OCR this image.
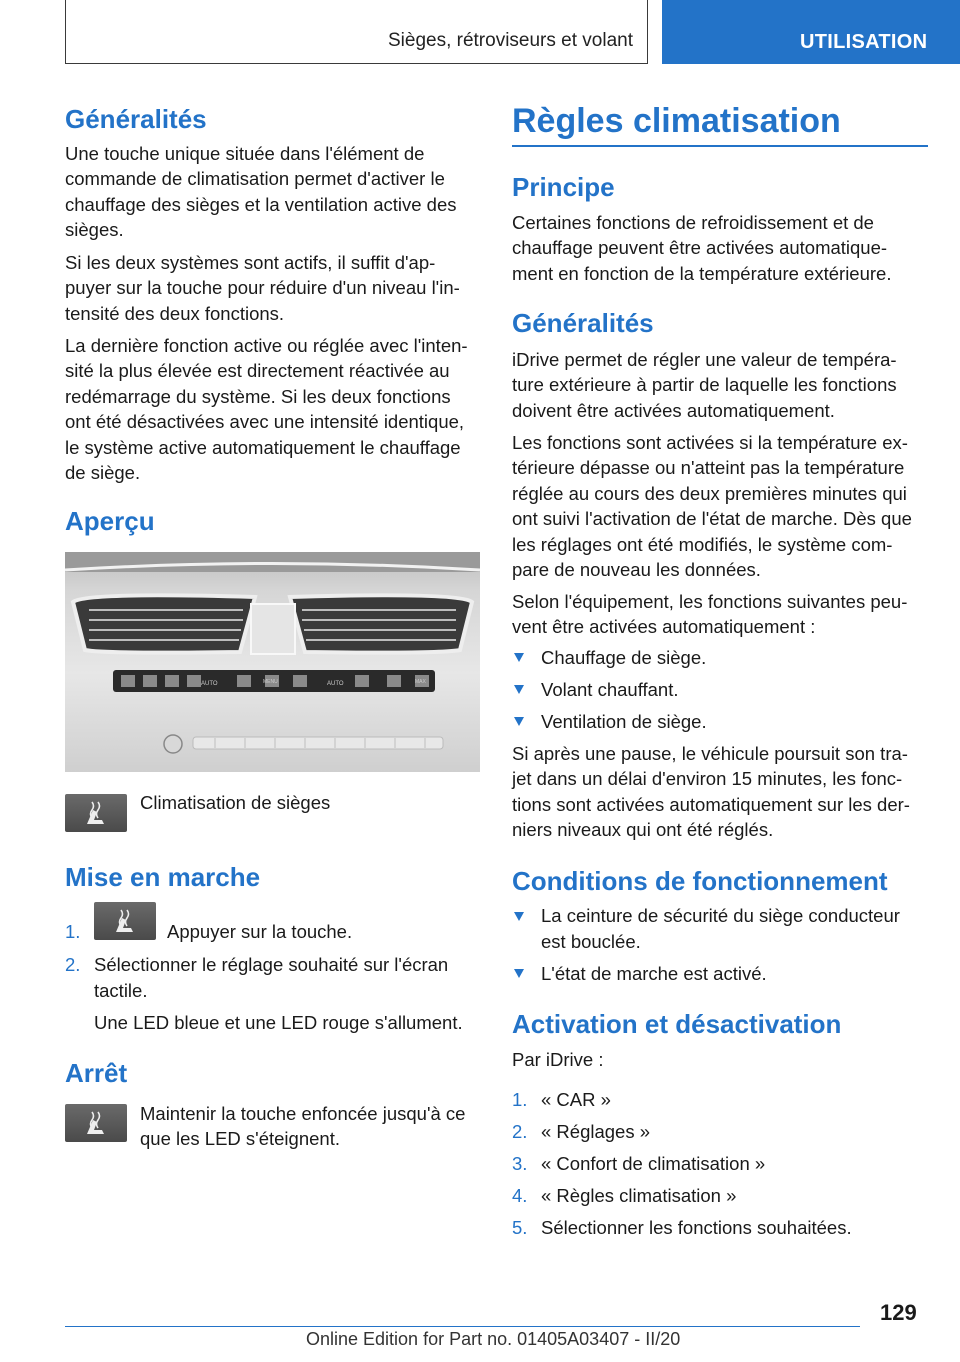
Sièges, rétroviseurs et volant	UTILISATION
Généralités

Une touche unique située dans l'élément de

commande de climatisation permet d'activer le

chauffage des sièges et la ventilation active des

sièges.

Si les deux systèmes sont actifs, il suffit d'ap-

puyer sur la touche pour réduire d'un niveau l'in-

tensité des deux fonctions.

La dernière fonction active ou réglée avec l'inten-

sité la plus élevée est directement réactivée au

redémarrage du système. Si les deux fonctions

ont été désactivées avec une intensité identique,

le système active automatiquement le chauffage

de siège.

Aperçu
AUTO	MENU	AUTO	MAX

Climatisation de sièges

Mise en marche
1.	Appuyer sur la touche.
2. Sélectionner le réglage souhaité sur l'écran
tactile.
Une LED bleue et une LED rouge s'allument.
Arrêt
Maintenir la touche enfoncée jusqu'à ce
que les LED s'éteignent.
Règles climatisation
Principe

Certaines fonctions de refroidissement et de

chauffage peuvent être activées automatique-

ment en fonction de la température extérieure.

Généralités

iDrive permet de régler une valeur de tempéra-

ture extérieure à partir de laquelle les fonctions

doivent être activées automatiquement.

Les fonctions sont activées si la température ex-

térieure dépasse ou n'atteint pas la température

réglée au cours des deux premières minutes qui

ont suivi l'activation de l'état de marche. Dès que

les réglages ont été modifiés, le système com-

pare de nouveau les données.

Selon l'équipement, les fonctions suivantes peu-

vent être activées automatiquement :

Chauffage de siège.
Volant chauffant.
Ventilation de siège.

Si après une pause, le véhicule poursuit son tra-

jet dans un délai d'environ 15 minutes, les fonc-

tions sont activées automatiquement sur les der-

niers niveaux qui ont été réglés.

Conditions de fonctionnement
La ceinture de sécurité du siège conducteur
est bouclée.
L'état de marche est activé.
Activation et désactivation

Par iDrive :

1. « CAR »
2. « Réglages »
3. « Confort de climatisation »
4. « Règles climatisation »
5. Sélectionner les fonctions souhaitées.
129
Online Edition for Part no. 01405A03407 - II/20
